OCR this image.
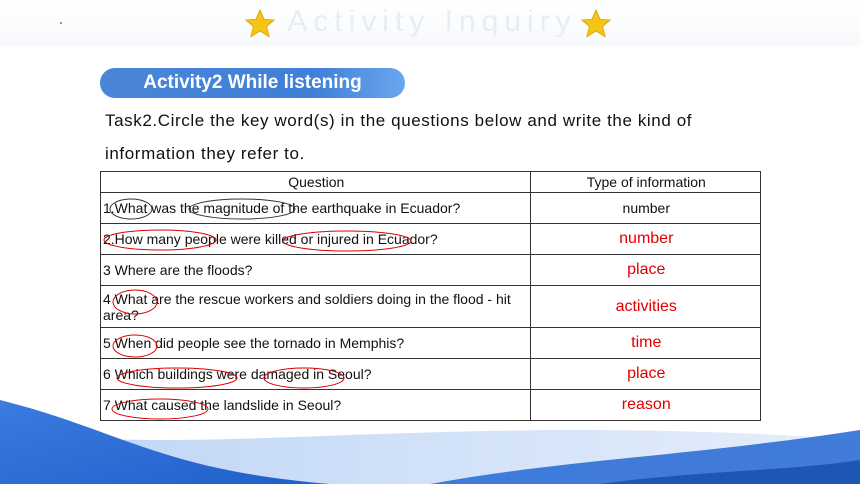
Activity Inquiry
Activity2 While listening
Task2.Circle the key word(s) in the questions below and write the kind of information they refer to.
Question	Type of information
1.What was the magnitude of the earthquake in Ecuador?	number
2.How many people were killed or injured in Ecuador?	number
3 Where are the floods?	place
4 What are the rescue workers and soldiers doing in the flood - hit area?	activities
5 When did people see the tornado in Memphis?	time
6 Which buildings were damaged in Seoul?	place
7 What caused the landslide in Seoul?	reason
